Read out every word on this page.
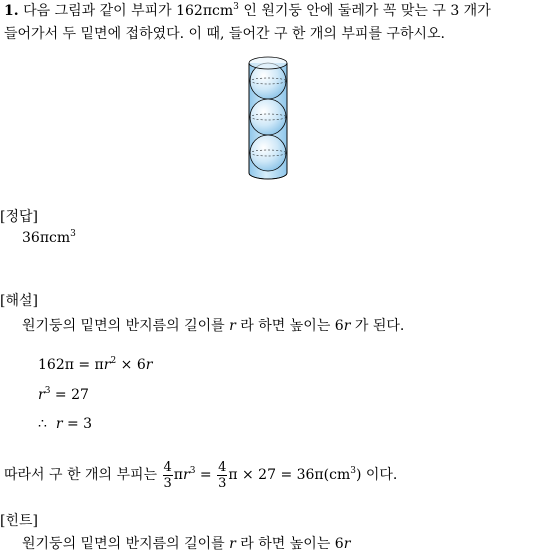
1. 다음 그림과 같이 부피가 162πcm$^3$ 인 원기둥 안에 둘레가 꼭 맞는 구 3 개가
들어가서 두 밑면에 접하였다. 이 때, 들어간 구 한 개의 부피를 구하시오.
[정답]
36πcm$^3$
[해설]
원기둥의 밑면의 반지름의 길이를 r 라 하면 높이는 6r 가 된다.
$162\pi = \pi r^2 \times 6r$
$r^3 = 27$
∴ r = 3
따라서 구 한 개의 부피는 $\frac{4}{3} \pi r^3 = \frac{4}{3}$ $\pi \times 27 = 36\pi(cm^3)$ 이다.
[힌트]
원기둥의 밑면의 반지름의 길이를 r 라 하면 높이는 6r
